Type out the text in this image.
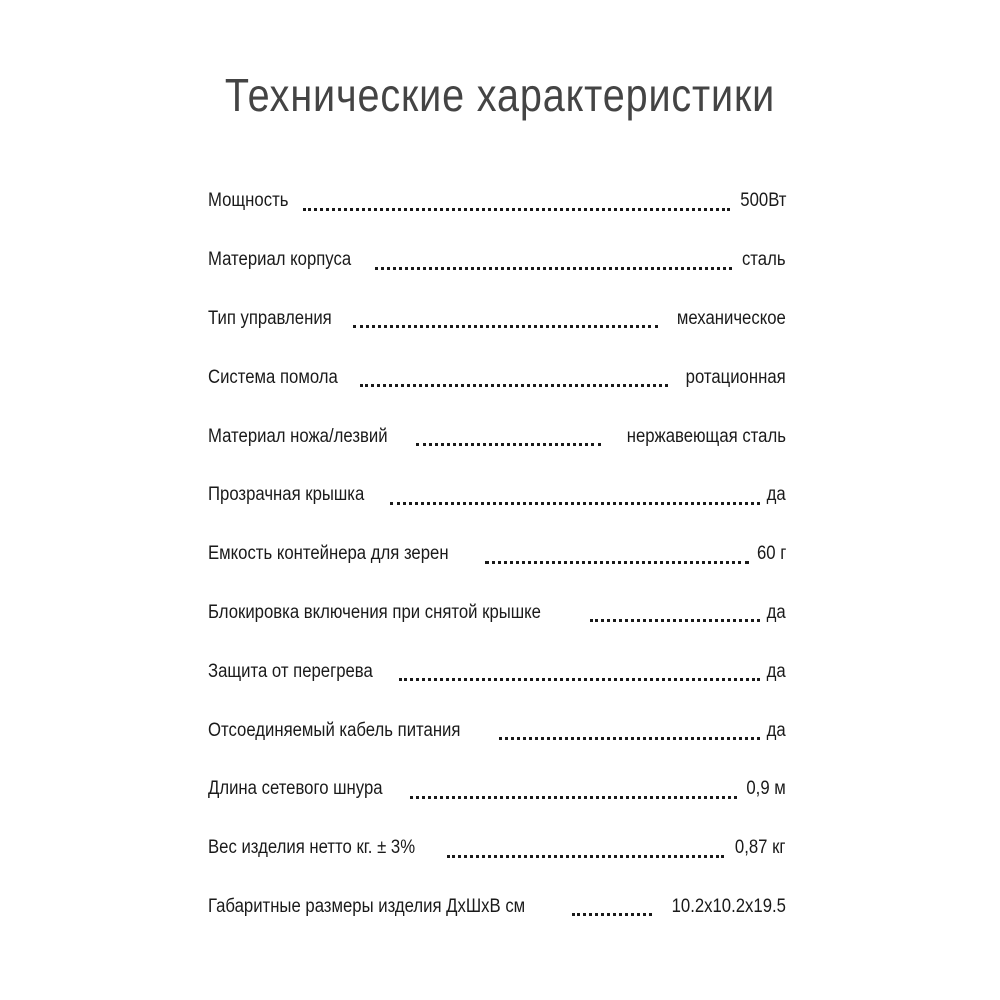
Технические характеристики
Мощность	500Вт
Материал корпуса	сталь
Тип управления	механическое
Система помола	ротационная
Материал ножа/лезвий	нержавеющая сталь
Прозрачная крышка	да
Емкость контейнера для зерен	60 г
Блокировка включения при снятой крышке	да
Защита от перегрева	да
Отсоединяемый кабель питания	да
Длина сетевого шнура	0,9 м
Вес изделия нетто кг. ± 3%	0,87 кг
Габаритные размеры изделия ДхШхВ см	10.2х10.2х19.5
